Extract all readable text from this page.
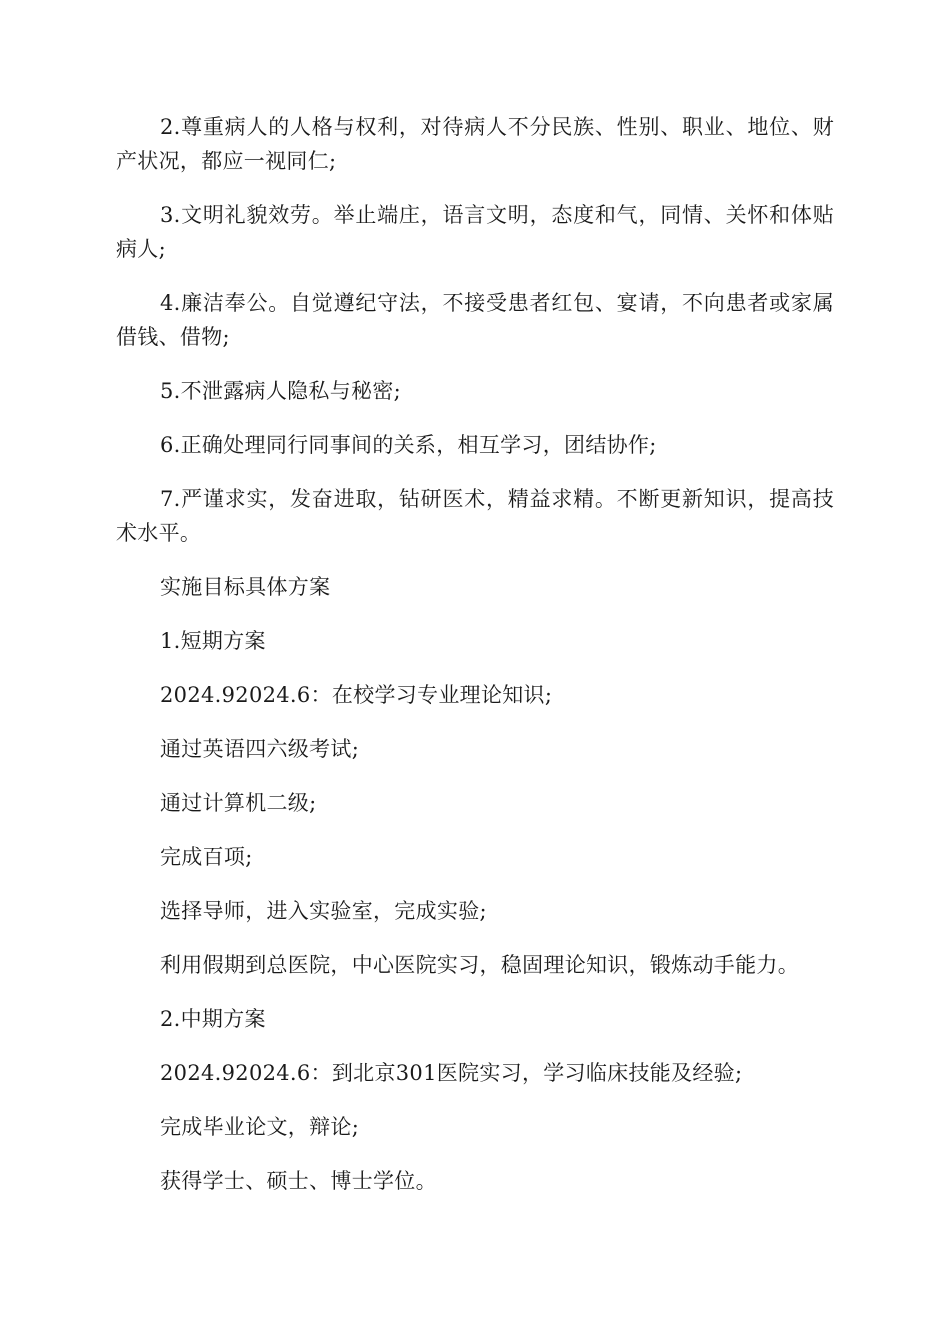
2.尊重病人的人格与权利，对待病人不分民族、性别、职业、地位、财产状况，都应一视同仁;

3.文明礼貌效劳。举止端庄，语言文明，态度和气，同情、关怀和体贴病人;

4.廉洁奉公。自觉遵纪守法，不接受患者红包、宴请，不向患者或家属借钱、借物;

5.不泄露病人隐私与秘密;

6.正确处理同行同事间的关系，相互学习，团结协作;

7.严谨求实，发奋进取，钻研医术，精益求精。不断更新知识，提高技术水平。

实施目标具体方案

1.短期方案

2024.92024.6：在校学习专业理论知识;

通过英语四六级考试;

通过计算机二级;

完成百项;

选择导师，进入实验室，完成实验;

利用假期到总医院，中心医院实习，稳固理论知识，锻炼动手能力。

2.中期方案

2024.92024.6：到北京301医院实习，学习临床技能及经验;

完成毕业论文，辩论;

获得学士、硕士、博士学位。
